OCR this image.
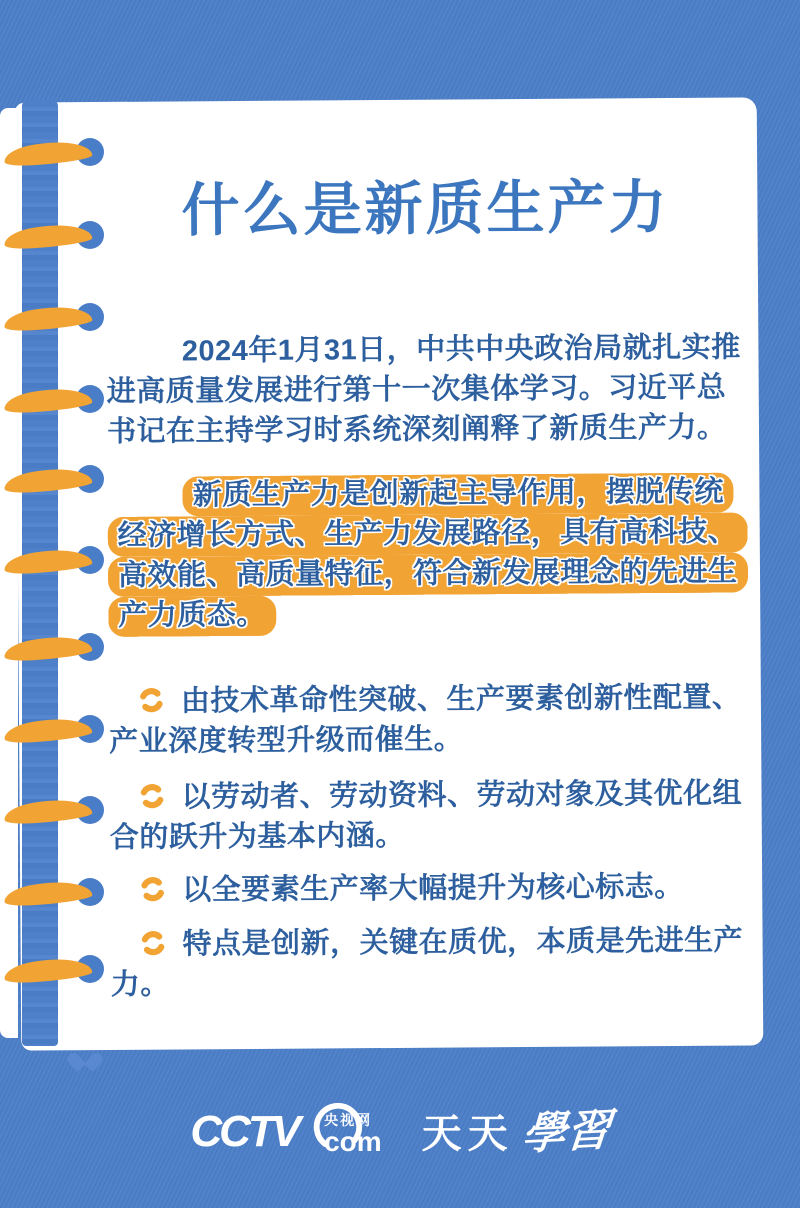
什么是新质生产力

2024年1月31日，中共中央政治局就扎实推进高质量发展进行第十一次集体学习。习近平总书记在主持学习时系统深刻阐释了新质生产力。

新质生产力是创新起主导作用，摆脱传统经济增长方式、生产力发展路径，具有高科技、高效能、高质量特征，符合新发展理念的先进生产力质态。

由技术革命性突破、生产要素创新性配置、产业深度转型升级而催生。

以劳动者、劳动资料、劳动对象及其优化组合的跃升为基本内涵。

以全要素生产率大幅提升为核心标志。

特点是创新，关键在质优，本质是先进生产力。

CCTV 央视网
com 天天 學習
